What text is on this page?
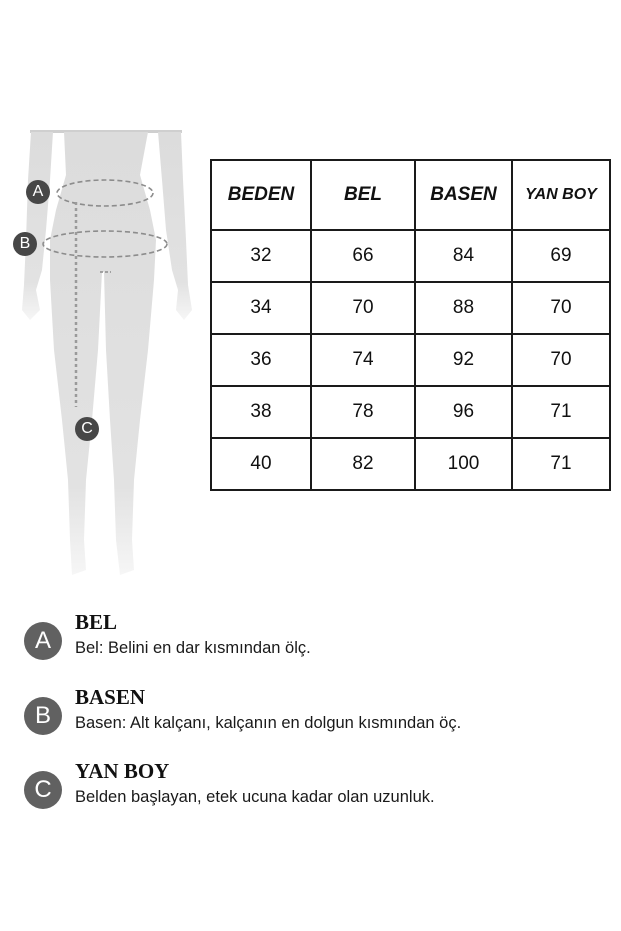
A
B
C
BEDEN	BEL	BASEN	YAN BOY
32	66	84	69
34	70	88	70
36	74	92	70
38	78	96	71
40	82	100	71
A
BEL
Bel: Belini en dar kısmından ölç.
B
BASEN
Basen: Alt kalçanı, kalçanın en dolgun kısmından öç.
C
YAN BOY
Belden başlayan, etek ucuna kadar olan uzunluk.
